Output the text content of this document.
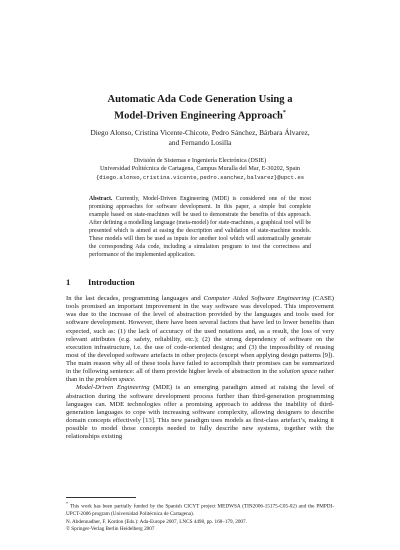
Automatic Ada Code Generation Using a
Model-Driven Engineering Approach*
Diego Alonso, Cristina Vicente-Chicote, Pedro Sánchez, Bárbara Álvarez,
and Fernando Losilla
División de Sistemas e Ingeniería Electrónica (DSIE)
Universidad Politécnica de Cartagena, Campus Muralla del Mar, E-30202, Spain
{diego.alonso,cristina.vicente,pedro.sanchez,balvarez}@upct.es
Abstract. Currently, Model-Driven Engineering (MDE) is considered one of the most promising approaches for software development. In this paper, a simple but complete example based on state-machines will be used to demonstrate the benefits of this approach. After defining a modelling language (meta-model) for state-machines, a graphical tool will be presented which is aimed at easing the description and validation of state-machine models. These models will then be used as inputs for another tool which will automatically generate the corresponding Ada code, including a simulation program to test the correctness and performance of the implemented application.
1 Introduction

In the last decades, programming languages and Computer Aided Software Engineering (CASE) tools promised an important improvement in the way software was developed. This improvement was due to the increase of the level of abstraction provided by the languages and tools used for software development. However, there have been several factors that have led to lower benefits than expected, such as: (1) the lack of accuracy of the used notations and, as a result, the loss of very relevant attributes (e.g. safety, reliability, etc.); (2) the strong dependency of software on the execution infrastructure, i.e. the use of code-oriented designs; and (3) the impossibility of reusing most of the developed software artefacts in other projects (except when applying design patterns [9]). The main reason why all of these tools have failed to accomplish their promises can be summarized in the following sentence: all of them provide higher levels of abstraction in the solution space rather than in the problem space.

Model-Driven Engineering (MDE) is an emerging paradigm aimed at raising the level of abstraction during the software development process further than third-generation programming languages can. MDE technologies offer a promising approach to address the inability of third-generation languages to cope with increasing software complexity, allowing designers to describe domain concepts effectively [13]. This new paradigm uses models as first-class artefact’s, making it possible to model those concepts needed to fully describe new systems, together with the relationships existing

* This work has been partially funded by the Spanish CICYT project MEDWSA (TIN2006-15175-C05-02) and the PMPDI-UPCT-2006 program (Universidad Politécnica de Cartagena).
N. Abdennadher, F. Kordon (Eds.): Ada-Europe 2007, LNCS 4498, pp. 168–179, 2007.
© Springer-Verlag Berlin Heidelberg 2007
